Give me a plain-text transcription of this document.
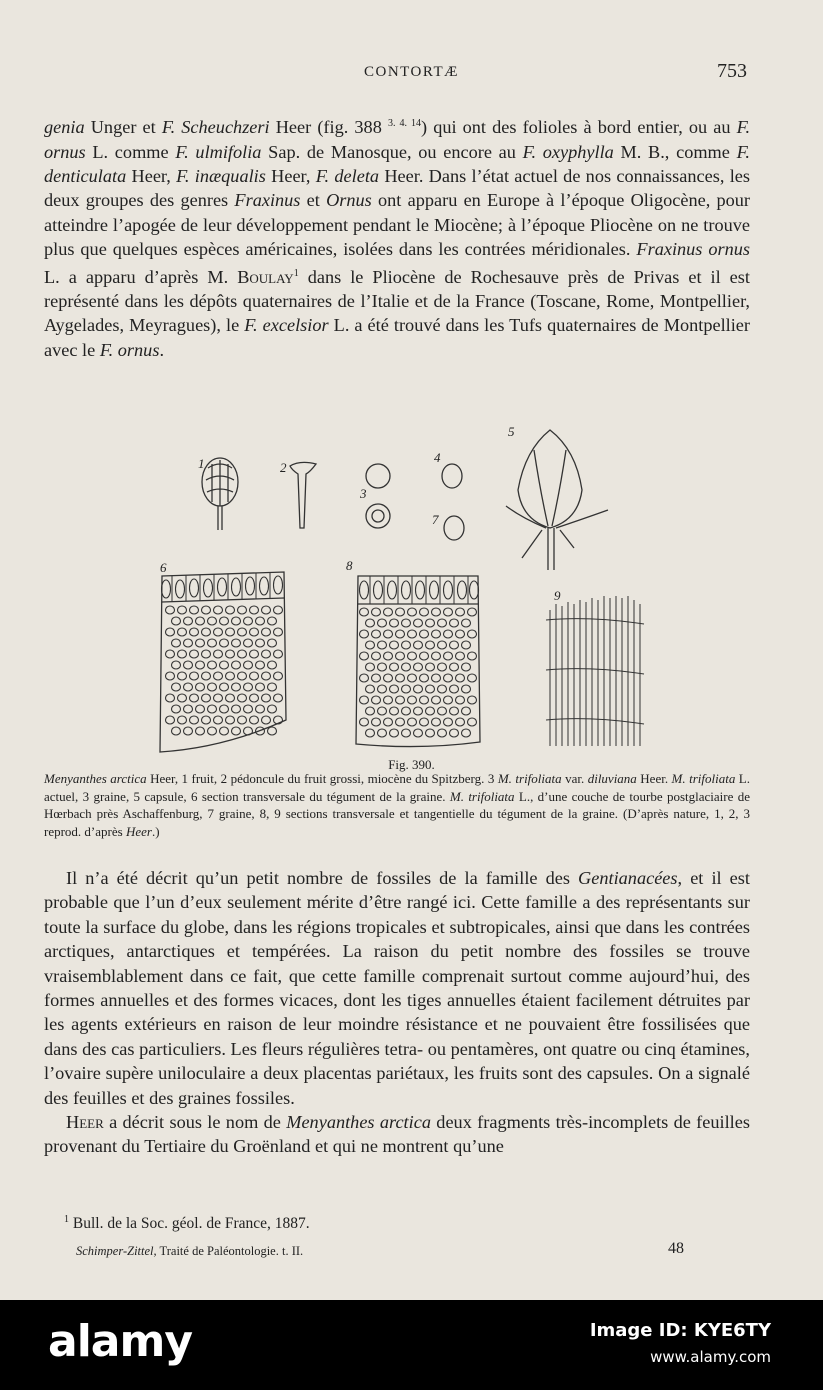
CONTORTÆ	753

genia Unger et F. Scheuchzeri Heer (fig. 388 $^{3. 4. 14}$) qui ont des folioles à bord entier, ou au F. ornus L. comme F. ulmifolia Sap. de Manosque, ou encore au F. oxyphylla M. B., comme F. denticulata Heer, F. inæqualis Heer, F. deleta Heer. Dans l’état actuel de nos connaissances, les deux groupes des genres Fraxinus et Ornus ont apparu en Europe à l’époque Oligocène, pour atteindre l’apogée de leur développement pendant le Miocène; à l’époque Pliocène on ne trouve plus que quelques espèces américaines, isolées dans les contrées méridionales. Fraxinus ornus L. a apparu d’après M. Boulay$^1$ dans le Pliocène de Rochesauve près de Privas et il est représenté dans les dépôts quaternaires de l’Italie et de la France (Toscane, Rome, Montpellier, Aygelades, Meyragues), le F. excelsior L. a été trouvé dans les Tufs quaternaires de Montpellier avec le F. ornus.

1	2
3
4
5
6
7
8
9
Fig. 390.
Menyanthes arctica Heer, 1 fruit, 2 pédoncule du fruit grossi, miocène du Spitzberg. 3 M. trifoliata var. diluviana Heer. M. trifoliata L. actuel, 3 graine, 5 capsule, 6 section transversale du tégument de la graine. M. trifoliata L., d’une couche de tourbe postglaciaire de Hœrbach près Aschaffenburg, 7 graine, 8, 9 sections transversale et tangentielle du tégument de la graine. (D’après nature, 1, 2, 3 reprod. d’après Heer.)

Il n’a été décrit qu’un petit nombre de fossiles de la famille des Gentianacées, et il est probable que l’un d’eux seulement mérite d’être rangé ici. Cette famille a des représentants sur toute la surface du globe, dans les régions tropicales et subtropicales, ainsi que dans les contrées arctiques, antarctiques et tempérées. La raison du petit nombre des fossiles se trouve vraisemblablement dans ce fait, que cette famille comprenait surtout comme aujourd’hui, des formes annuelles et des formes vicaces, dont les tiges annuelles étaient facilement détruites par les agents extérieurs en raison de leur moindre résistance et ne pouvaient être fossilisées que dans des cas particuliers. Les fleurs régulières tetra- ou pentamères, ont quatre ou cinq étamines, l’ovaire supère uniloculaire a deux placentas pariétaux, les fruits sont des capsules. On a signalé des feuilles et des graines fossiles.

Heer a décrit sous le nom de Menyanthes arctica deux fragments très-incomplets de feuilles provenant du Tertiaire du Groënland et qui ne montrent qu’une

$^1$ Bull. de la Soc. géol. de France, 1887.
Schimper-Zittel, Traité de Paléontologie. t. II.	48
alamy	Image ID: KYE6TY
www.alamy.com
